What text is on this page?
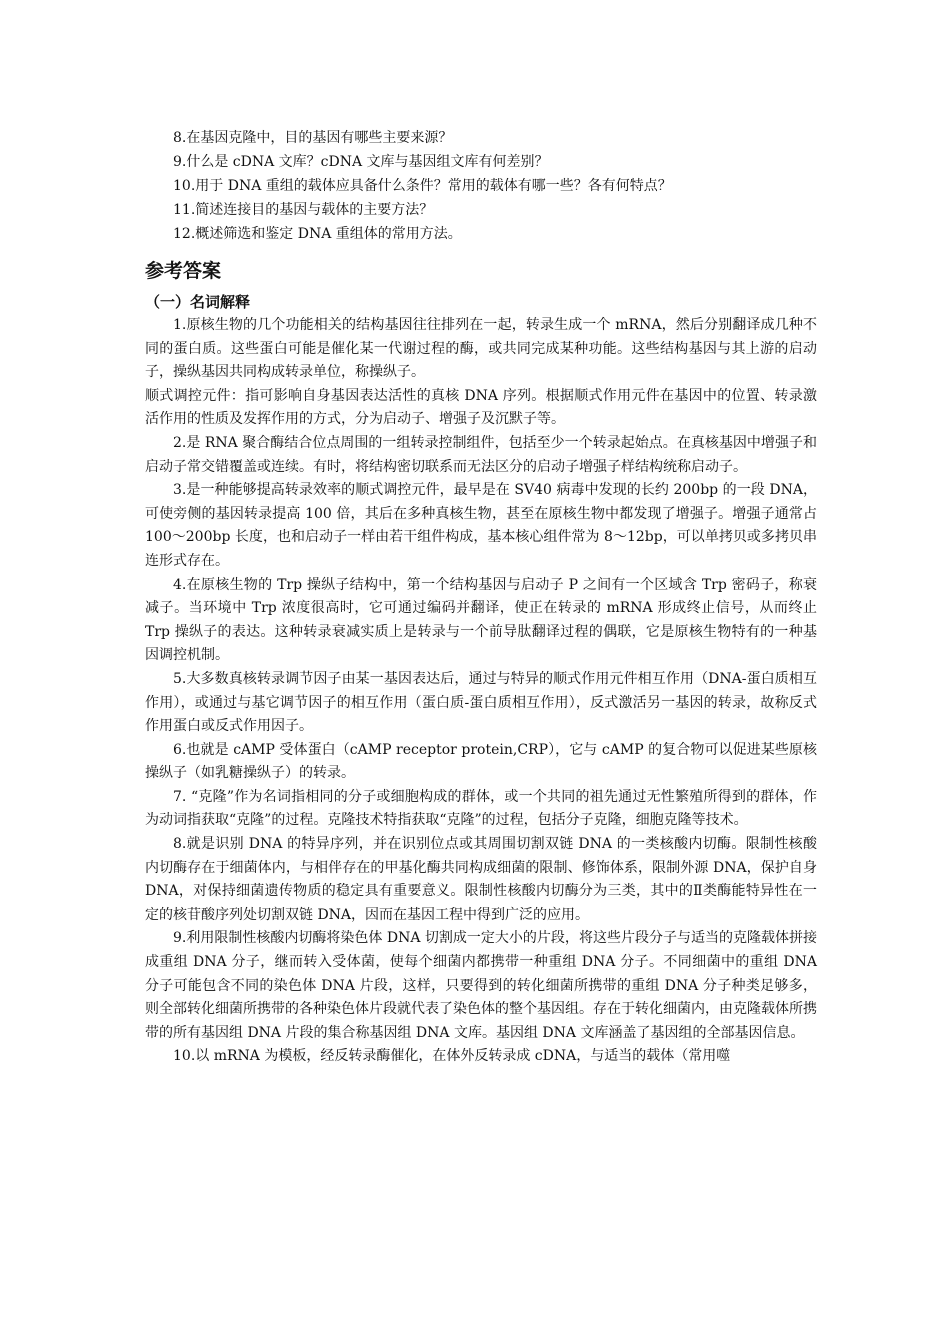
8.在基因克隆中，目的基因有哪些主要来源？

9.什么是 cDNA 文库？cDNA 文库与基因组文库有何差别？

10.用于 DNA 重组的载体应具备什么条件？常用的载体有哪一些？各有何特点？

11.简述连接目的基因与载体的主要方法？

12.概述筛选和鉴定 DNA 重组体的常用方法。

参考答案
（一）名词解释

1.原核生物的几个功能相关的结构基因往往排列在一起，转录生成一个 mRNA，然后分别翻译成几种不同的蛋白质。这些蛋白可能是催化某一代谢过程的酶，或共同完成某种功能。这些结构基因与其上游的启动子，操纵基因共同构成转录单位，称操纵子。

顺式调控元件：指可影响自身基因表达活性的真核 DNA 序列。根据顺式作用元件在基因中的位置、转录激活作用的性质及发挥作用的方式，分为启动子、增强子及沉默子等。

2.是 RNA 聚合酶结合位点周围的一组转录控制组件，包括至少一个转录起始点。在真核基因中增强子和启动子常交错覆盖或连续。有时，将结构密切联系而无法区分的启动子增强子样结构统称启动子。

3.是一种能够提高转录效率的顺式调控元件，最早是在 SV40 病毒中发现的长约 200bp 的一段 DNA，可使旁侧的基因转录提高 100 倍，其后在多种真核生物，甚至在原核生物中都发现了增强子。增强子通常占 100～200bp 长度，也和启动子一样由若干组件构成，基本核心组件常为 8～12bp，可以单拷贝或多拷贝串连形式存在。

4.在原核生物的 Trp 操纵子结构中，第一个结构基因与启动子 P 之间有一个区域含 Trp 密码子，称衰减子。当环境中 Trp 浓度很高时，它可通过编码并翻译，使正在转录的 mRNA 形成终止信号，从而终止 Trp 操纵子的表达。这种转录衰减实质上是转录与一个前导肽翻译过程的偶联，它是原核生物特有的一种基因调控机制。

5.大多数真核转录调节因子由某一基因表达后，通过与特异的顺式作用元件相互作用（DNA-蛋白质相互作用），或通过与基它调节因子的相互作用（蛋白质-蛋白质相互作用），反式激活另一基因的转录，故称反式作用蛋白或反式作用因子。

6.也就是 cAMP 受体蛋白（cAMP receptor protein,CRP），它与 cAMP 的复合物可以促进某些原核操纵子（如乳糖操纵子）的转录。

7. “克隆”作为名词指相同的分子或细胞构成的群体，或一个共同的祖先通过无性繁殖所得到的群体，作为动词指获取“克隆”的过程。克隆技术特指获取“克隆”的过程，包括分子克隆，细胞克隆等技术。

8.就是识别 DNA 的特异序列，并在识别位点或其周围切割双链 DNA 的一类核酸内切酶。限制性核酸内切酶存在于细菌体内，与相伴存在的甲基化酶共同构成细菌的限制、修饰体系，限制外源 DNA，保护自身 DNA，对保持细菌遗传物质的稳定具有重要意义。限制性核酸内切酶分为三类，其中的Ⅱ类酶能特异性在一定的核苷酸序列处切割双链 DNA，因而在基因工程中得到广泛的应用。

9.利用限制性核酸内切酶将染色体 DNA 切割成一定大小的片段，将这些片段分子与适当的克隆载体拼接成重组 DNA 分子，继而转入受体菌，使每个细菌内都携带一种重组 DNA 分子。不同细菌中的重组 DNA 分子可能包含不同的染色体 DNA 片段，这样，只要得到的转化细菌所携带的重组 DNA 分子种类足够多，则全部转化细菌所携带的各种染色体片段就代表了染色体的整个基因组。存在于转化细菌内，由克隆载体所携带的所有基因组 DNA 片段的集合称基因组 DNA 文库。基因组 DNA 文库涵盖了基因组的全部基因信息。

10.以 mRNA 为模板，经反转录酶催化，在体外反转录成 cDNA，与适当的载体（常用噬
